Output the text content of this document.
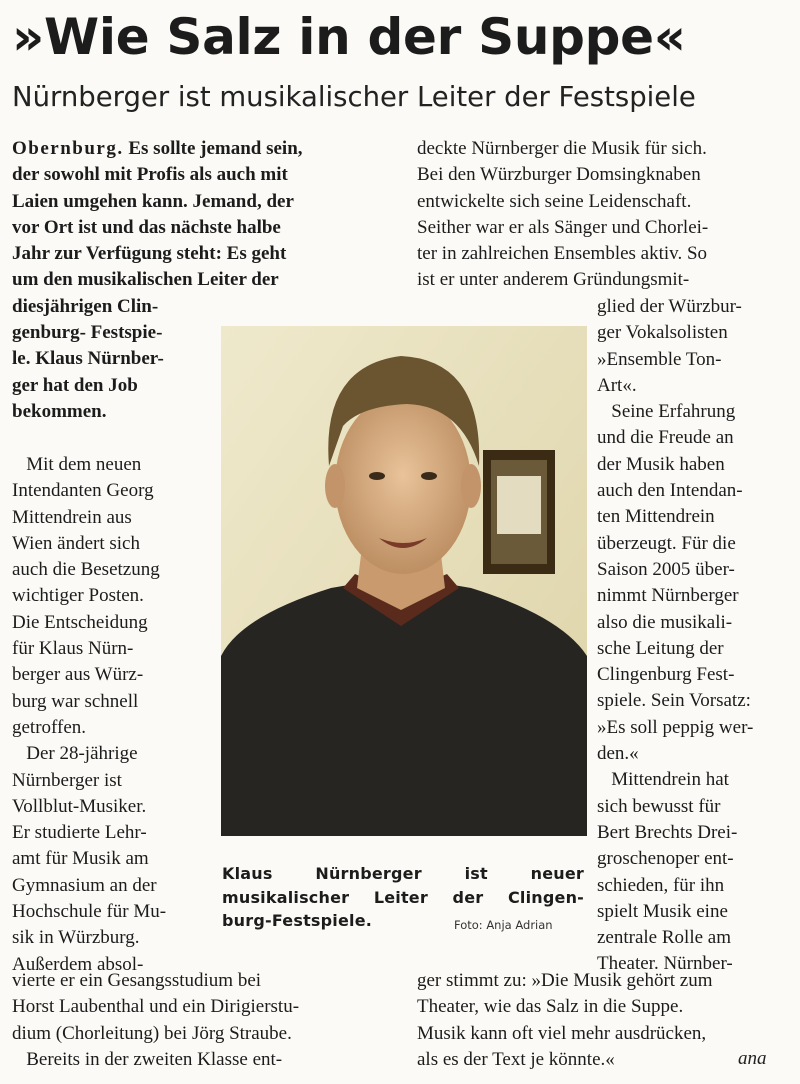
»Wie Salz in der Suppe«
Nürnberger ist musikalischer Leiter der Festspiele
Obernburg. Es sollte jemand sein,
der sowohl mit Profis als auch mit
Laien umgehen kann. Jemand, der
vor Ort ist und das nächste halbe
Jahr zur Verfügung steht: Es geht
um den musikalischen Leiter der
diesjährigen Clin-
genburg- Festspie-
le. Klaus Nürnber-
ger hat den Job
bekommen.
deckte Nürnberger die Musik für sich.
Bei den Würzburger Domsingknaben
entwickelte sich seine Leidenschaft.
Seither war er als Sänger und Chorlei-
ter in zahlreichen Ensembles aktiv. So
ist er unter anderem Gründungsmit-
Mit dem neuen
Intendanten Georg
Mittendrein aus
Wien ändert sich
auch die Besetzung
wichtiger Posten.
Die Entscheidung
für Klaus Nürn-
berger aus Würz-
burg war schnell
getroffen.
Der 28-jährige
Nürnberger ist
Vollblut-Musiker.
Er studierte Lehr-
amt für Musik am
Gymnasium an der
Hochschule für Mu-
sik in Würzburg.
Außerdem absol-
glied der Würzbur-
ger Vokalsolisten
»Ensemble Ton-
Art«.
Seine Erfahrung
und die Freude an
der Musik haben
auch den Intendan-
ten Mittendrein
überzeugt. Für die
Saison 2005 über-
nimmt Nürnberger
also die musikali-
sche Leitung der
Clingenburg Fest-
spiele. Sein Vorsatz:
»Es soll peppig wer-
den.«
Mittendrein hat
sich bewusst für
Bert Brechts Drei-
groschenoper ent-
schieden, für ihn
spielt Musik eine
zentrale Rolle am
Theater. Nürnber-
vierte er ein Gesangsstudium bei
Horst Laubenthal und ein Dirigierstu-
dium (Chorleitung) bei Jörg Straube.
Bereits in der zweiten Klasse ent-
ger stimmt zu: »Die Musik gehört zum
Theater, wie das Salz in die Suppe.
Musik kann oft viel mehr ausdrücken,
als es der Text je könnte.«
Klaus Nürnberger ist neuer
musikalischer Leiter der Clingen-
burg-Festspiele.	Foto: Anja Adrian
ana
